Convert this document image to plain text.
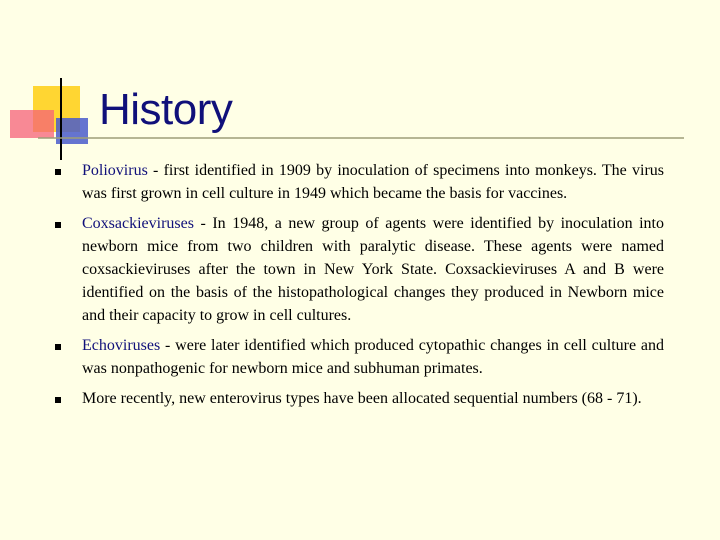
History
Poliovirus - first identified in 1909 by inoculation of specimens into monkeys. The virus was first grown in cell culture in 1949 which became the basis for vaccines.
Coxsackieviruses - In 1948, a new group of agents were identified by inoculation into newborn mice from two children with paralytic disease. These agents were named coxsackieviruses after the town in New York State. Coxsackieviruses A and B were identified on the basis of the histopathological changes they produced in Newborn mice and their capacity to grow in cell cultures.
Echoviruses - were later identified which produced cytopathic changes in cell culture and was nonpathogenic for newborn mice and subhuman primates.
More recently, new enterovirus types have been allocated sequential numbers (68 - 71).
